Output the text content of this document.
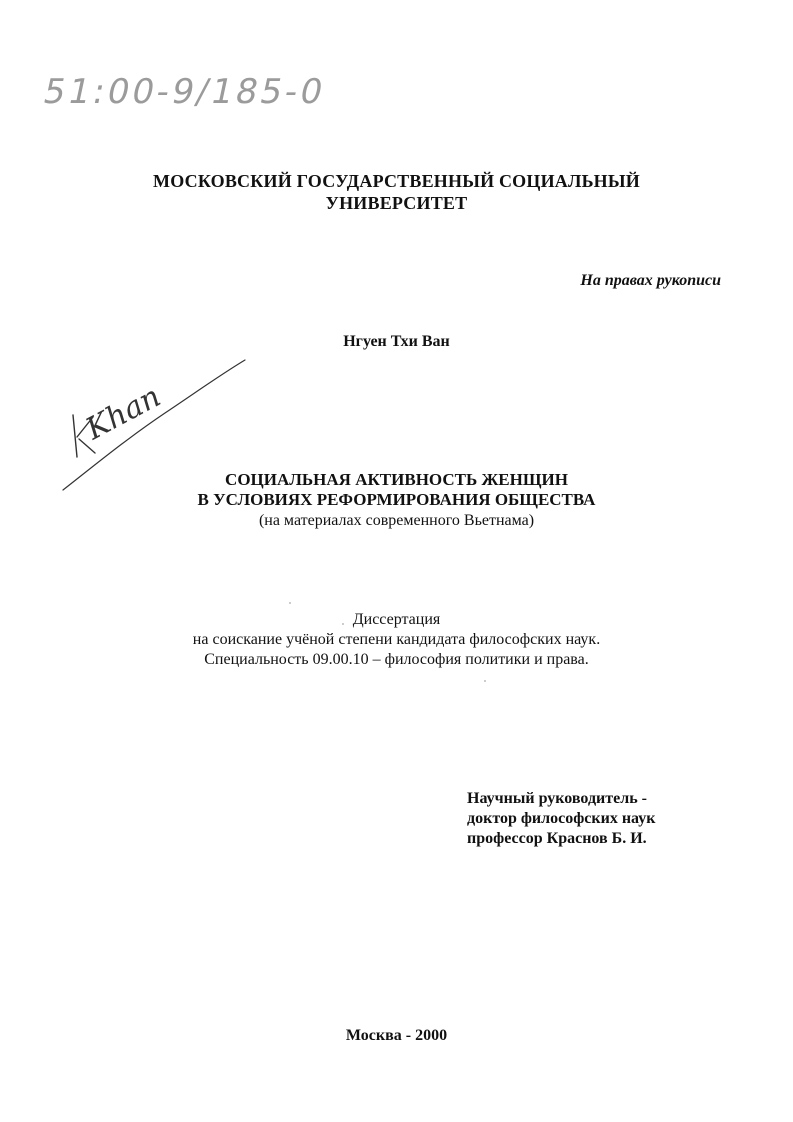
51:00-9/185-0
МОСКОВСКИЙ ГОСУДАРСТВЕННЫЙ СОЦИАЛЬНЫЙ
УНИВЕРСИТЕТ
На правах рукописи
Нгуен Тхи Ван
Khan
СОЦИАЛЬНАЯ АКТИВНОСТЬ ЖЕНЩИН
В УСЛОВИЯХ РЕФОРМИРОВАНИЯ ОБЩЕСТВА
(на материалах современного Вьетнама)
Диссертация
на соискание учёной степени кандидата философских наук.
Специальность 09.00.10 – философия политики и права.
Научный руководитель -
доктор философских наук
профессор Краснов Б. И.
Москва - 2000
